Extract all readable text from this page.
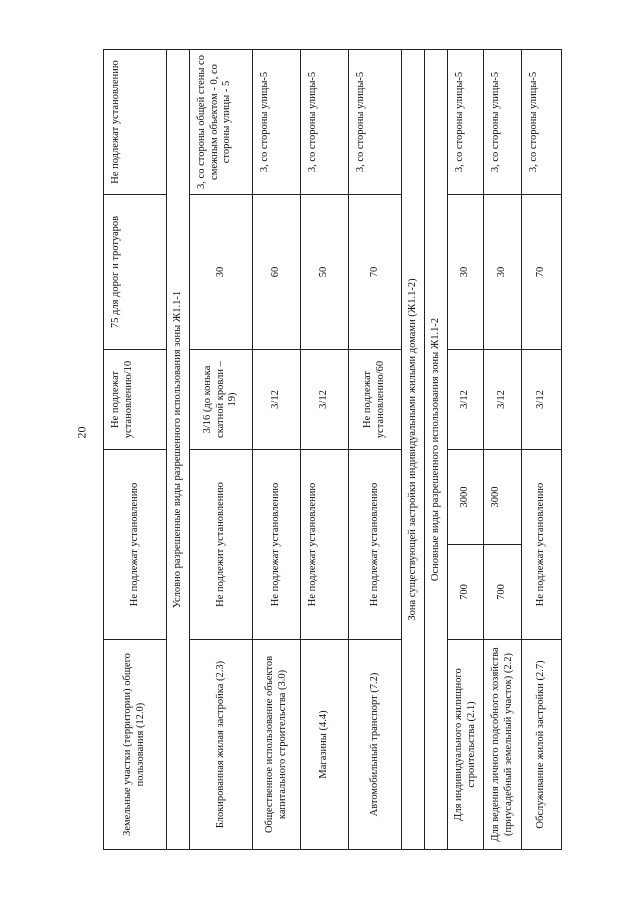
20
Земельные участки (территории) общего пользования (12.0)	Не подлежат установлению		Не подлежат установлению/10	75 для дорог и тротуаров	Не подлежат установлению
Условно разрешенные виды разрешенного использования зоны Ж1.1-1					
Блокированная жилая застройка (2.3)	Не подлежит установлению		3/16 (до конька скатной кровли – 19)	30	3, со стороны общей стены со смежным объектом - 0, со стороны улицы - 5
Общественное использование объектов капитального строительства (3.0)	Не подлежат установлению		3/12	60	3, со стороны улицы-5
Магазины (4.4)	Не подлежат установлению		3/12	50	3, со стороны улицы-5
Автомобильный транспорт (7.2)	Не подлежат установлению		Не подлежат установлению/60	70	3, со стороны улицы-5
Зона существующей застройки индивидуальными жилыми домами (Ж1.1-2)					
Основные виды разрешенного использования зоны Ж1.1-2					
Для индивидуального жилищного строительства (2.1)	700	3000	3/12	30	3, со стороны улицы-5
Для ведения личного подсобного хозяйства (приусадебный земельный участок) (2.2)	700	3000	3/12	30	3, со стороны улицы-5
Обслуживание жилой застройки (2.7)	Не подлежат установлению		3/12	70	3, со стороны улицы-5
